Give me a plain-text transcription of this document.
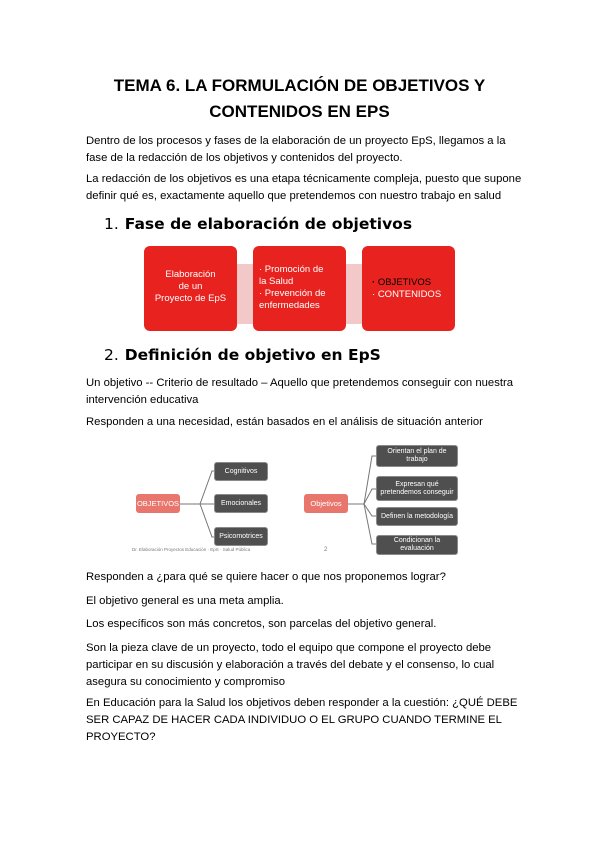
TEMA 6. LA FORMULACIÓN DE OBJETIVOS Y
CONTENIDOS EN EPS
Dentro de los procesos y fases de la elaboración de un proyecto EpS, llegamos a la fase de la redacción de los objetivos y contenidos del proyecto.
La redacción de los objetivos es una etapa técnicamente compleja, puesto que supone definir qué es, exactamente aquello que pretendemos con nuestro trabajo en salud
1. Fase de elaboración de objetivos
Elaboración
de un
Proyecto de EpS
· Promoción de
la Salud
· Prevención de
enfermedades
· OBJETIVOS
· CONTENIDOS
2. Definición de objetivo en EpS
Un objetivo -- Criterio de resultado – Aquello que pretendemos conseguir con nuestra intervención educativa
Responden a una necesidad, están basados en el análisis de situación anterior
OBJETIVOS
Cognitivos
Emocionales
Psicomotrices
Dr. Elaboración Proyectos Educación · EpS · Salud Pública
Objetivos
Orientan el plan de trabajo
Expresan qué pretendemos conseguir
Definen la metodología
Condicionan la evaluación
2
Responden a ¿para qué se quiere hacer o que nos proponemos lograr?
El objetivo general es una meta amplia.
Los específicos son más concretos, son parcelas del objetivo general.
Son la pieza clave de un proyecto, todo el equipo que compone el proyecto debe participar en su discusión y elaboración a través del debate y el consenso, lo cual asegura su conocimiento y compromiso
En Educación para la Salud los objetivos deben responder a la cuestión: ¿QUÉ DEBE SER CAPAZ DE HACER CADA INDIVIDUO O EL GRUPO CUANDO TERMINE EL PROYECTO?
